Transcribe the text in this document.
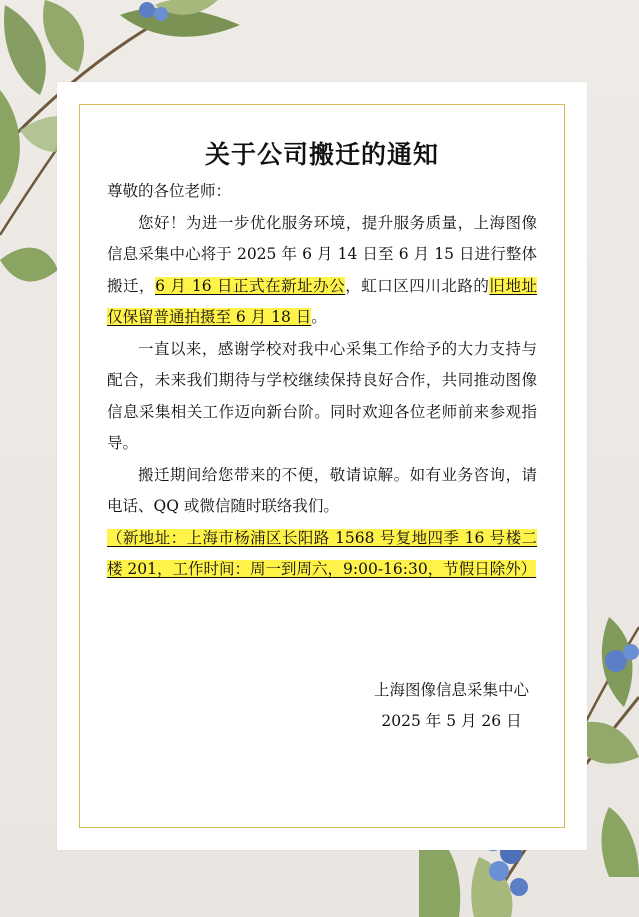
关于公司搬迁的通知

尊敬的各位老师：

您好！为进一步优化服务环境，提升服务质量，上海图像信息采集中心将于 2025 年 6 月 14 日至 6 月 15 日进行整体搬迁，6 月 16 日正式在新址办公，虹口区四川北路的旧地址仅保留普通拍摄至 6 月 18 日。

一直以来，感谢学校对我中心采集工作给予的大力支持与配合，未来我们期待与学校继续保持良好合作，共同推动图像信息采集相关工作迈向新台阶。同时欢迎各位老师前来参观指导。

搬迁期间给您带来的不便，敬请谅解。如有业务咨询，请电话、QQ 或微信随时联络我们。

（新地址：上海市杨浦区长阳路 1568 号复地四季 16 号楼二楼 201，工作时间：周一到周六，9:00-16:30，节假日除外）

上海图像信息采集中心
2025 年 5 月 26 日
